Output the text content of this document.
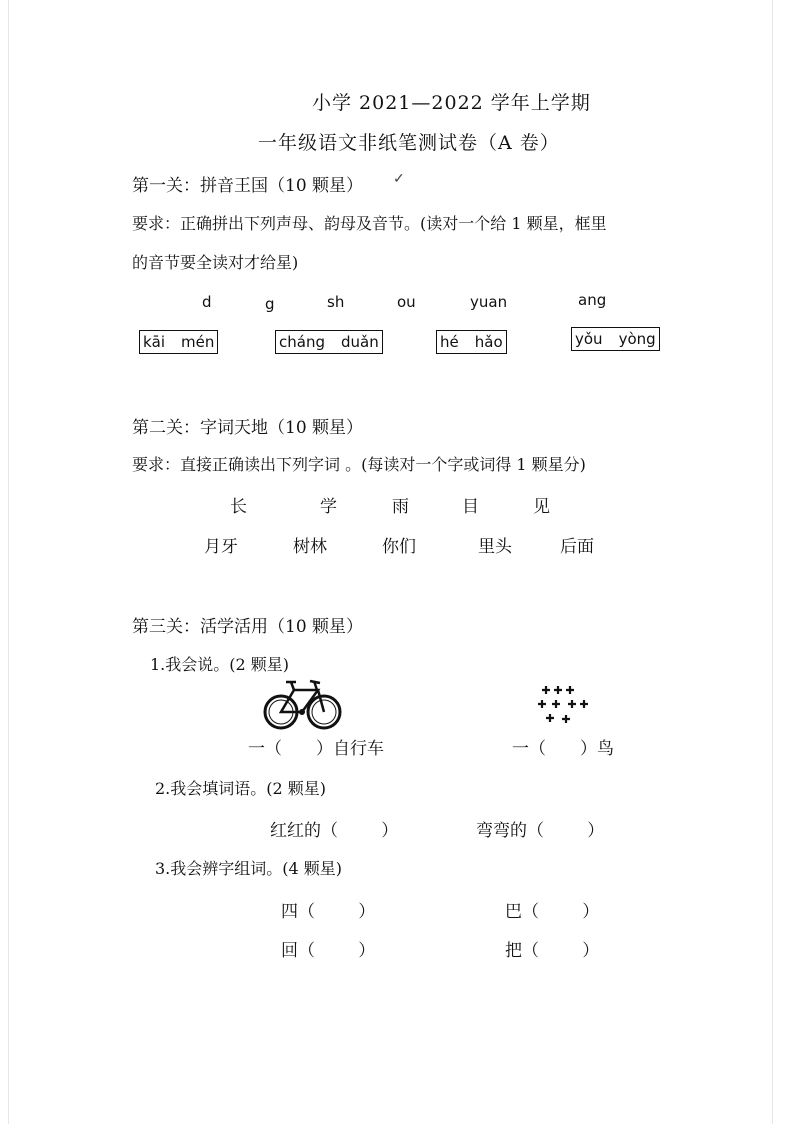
小学 2021—2022 学年上学期
一年级语文非纸笔测试卷（A 卷）
第一关：拼音王国（10 颗星） ✓
要求：正确拼出下列声母、韵母及音节。(读对一个给 1 颗星，框里
的音节要全读对才给星)
d	g	sh	ou	yuan	ang
kāi mén	cháng duǎn	hé hǎo	yǒu yòng
第二关：字词天地（10 颗星）
要求：直接正确读出下列字词 。(每读对一个字或词得 1 颗星分)
长	学	雨	目	见
月牙	树林	你们	里头	后面
第三关：活学活用（10 颗星）
1.我会说。(2 颗星)
一（ ）自行车	一（ ）鸟
2.我会填词语。(2 颗星)
红红的（        ）	弯弯的（        ）
3.我会辨字组词。(4 颗星)
四（        ）	巴（        ）
回（        ）	把（        ）
